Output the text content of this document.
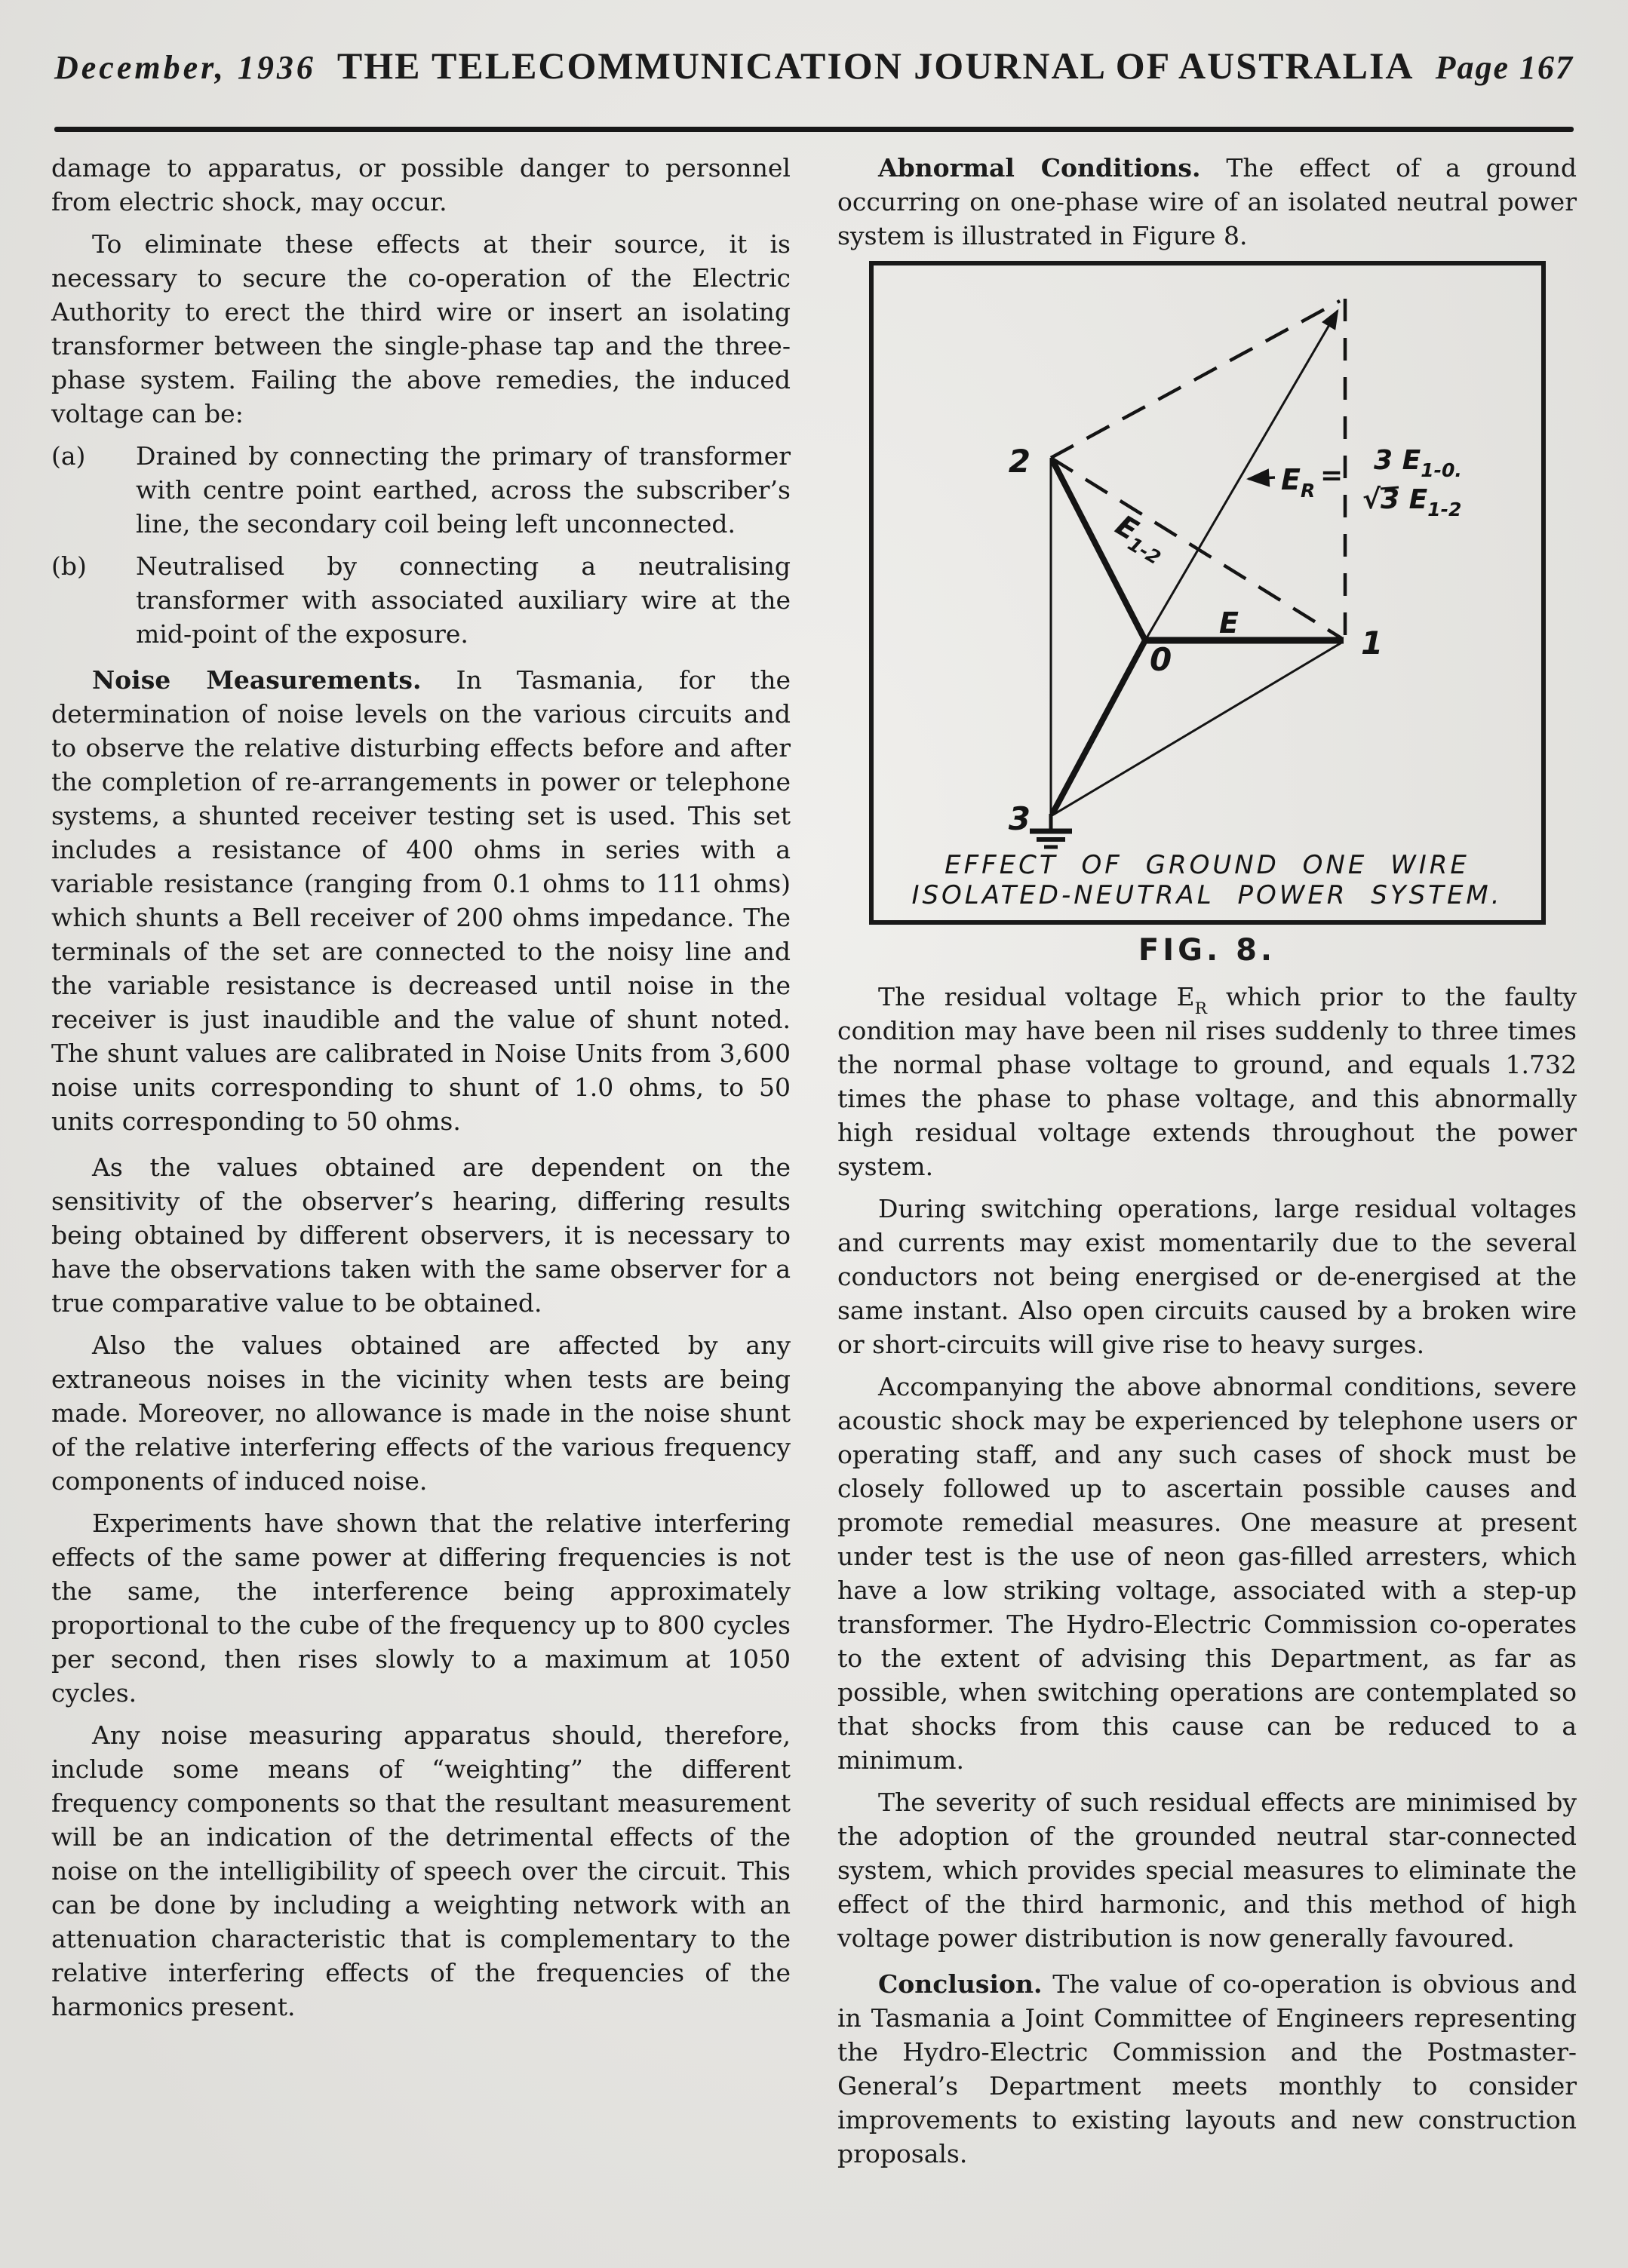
December, 1936 THE TELECOMMUNICATION JOURNAL OF AUSTRALIA Page 167

damage to apparatus, or possible danger to personnel from electric shock, may occur.

To eliminate these effects at their source, it is necessary to secure the co-operation of the Electric Authority to erect the third wire or insert an isolating transformer between the single-phase tap and the three-phase system. Failing the above remedies, the induced voltage can be:

(a) Drained by connecting the primary of transformer with centre point earthed, across the subscriber’s line, the secondary coil being left unconnected.

(b) Neutralised by connecting a neutralising transformer with associated auxiliary wire at the mid-point of the exposure.

Noise Measurements. In Tasmania, for the determination of noise levels on the various circuits and to observe the relative disturbing effects before and after the completion of re-arrangements in power or telephone systems, a shunted receiver testing set is used. This set includes a resistance of 400 ohms in series with a variable resistance (ranging from 0.1 ohms to 111 ohms) which shunts a Bell receiver of 200 ohms impedance. The terminals of the set are connected to the noisy line and the variable resistance is decreased until noise in the receiver is just inaudible and the value of shunt noted. The shunt values are calibrated in Noise Units from 3,600 noise units corresponding to shunt of 1.0 ohms, to 50 units corresponding to 50 ohms.

As the values obtained are dependent on the sensitivity of the observer’s hearing, differing results being obtained by different observers, it is necessary to have the observations taken with the same observer for a true comparative value to be obtained.

Also the values obtained are affected by any extraneous noises in the vicinity when tests are being made. Moreover, no allowance is made in the noise shunt of the relative interfering effects of the various frequency components of induced noise.

Experiments have shown that the relative interfering effects of the same power at differing frequencies is not the same, the interference being approximately proportional to the cube of the frequency up to 800 cycles per second, then rises slowly to a maximum at 1050 cycles.

Any noise measuring apparatus should, therefore, include some means of “weighting” the different frequency components so that the resultant measurement will be an indication of the detrimental effects of the noise on the intelligibility of speech over the circuit. This can be done by including a weighting network with an attenuation characteristic that is complementary to the relative interfering effects of the frequencies of the harmonics present.

Abnormal Conditions. The effect of a ground occurring on one-phase wire of an isolated neutral power system is illustrated in Figure 8.

2
0	1
3
E
$E_{1-2}$
$E_R = 3$ $E_{1-0.}$
√3 $E_{1-2}$
EFFECT OF GROUND ONE WIRE
ISOLATED-NEUTRAL POWER SYSTEM.
FIG. 8.

The residual voltage $E_R$ which prior to the faulty condition may have been nil rises suddenly to three times the normal phase voltage to ground, and equals 1.732 times the phase to phase voltage, and this abnormally high residual voltage extends throughout the power system.

During switching operations, large residual voltages and currents may exist momentarily due to the several conductors not being energised or de-energised at the same instant. Also open circuits caused by a broken wire or short-circuits will give rise to heavy surges.

Accompanying the above abnormal conditions, severe acoustic shock may be experienced by telephone users or operating staff, and any such cases of shock must be closely followed up to ascertain possible causes and promote remedial measures. One measure at present under test is the use of neon gas-filled arresters, which have a low striking voltage, associated with a step-up transformer. The Hydro-Electric Commission co-operates to the extent of advising this Department, as far as possible, when switching operations are contemplated so that shocks from this cause can be reduced to a minimum.

The severity of such residual effects are minimised by the adoption of the grounded neutral star-connected system, which provides special measures to eliminate the effect of the third harmonic, and this method of high voltage power distribution is now generally favoured.

Conclusion. The value of co-operation is obvious and in Tasmania a Joint Committee of Engineers representing the Hydro-Electric Commission and the Postmaster-General’s Department meets monthly to consider improvements to existing layouts and new construction proposals.
